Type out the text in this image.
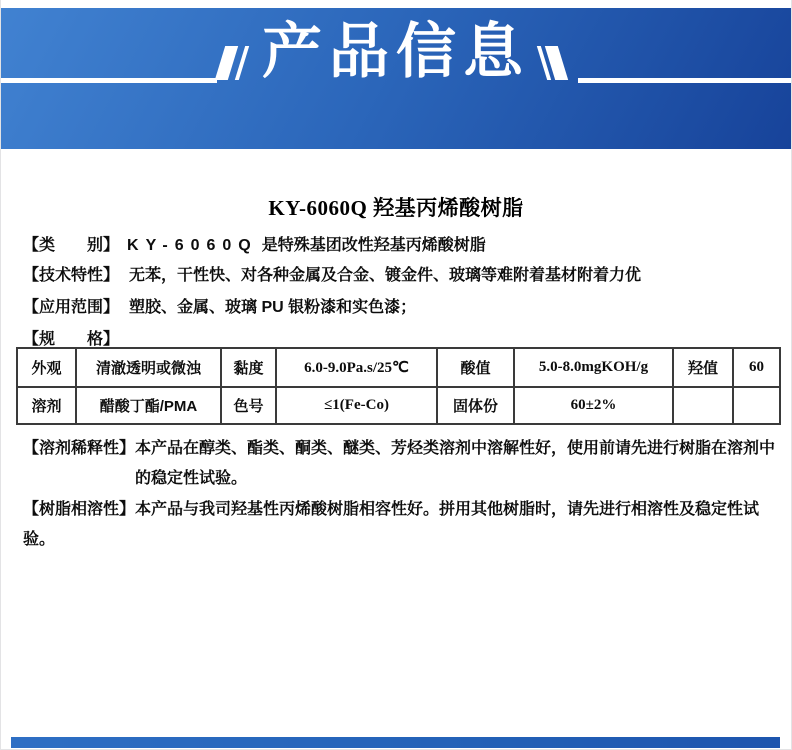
产品信息
KY-6060Q 羟基丙烯酸树脂
【类　　别】 KY-6060Q 是特殊基团改性羟基丙烯酸树脂
【技术特性】 无苯，干性快、对各种金属及合金、镀金件、玻璃等难附着基材附着力优
【应用范围】 塑胶、金属、玻璃 PU 银粉漆和实色漆；
【规　　格】
外观	清澈透明或微浊	黏度	6.0-9.0Pa.s/25℃	酸值	5.0-8.0mgKOH/g	羟值	60
溶剂	醋酸丁酯/PMA	色号	≤1(Fe-Co)	固体份	60±2%		
【溶剂稀释性】本产品在醇类、酯类、酮类、醚类、芳烃类溶剂中溶解性好，使用前请先进行树脂在溶剂中
的稳定性试验。
【树脂相溶性】本产品与我司羟基性丙烯酸树脂相容性好。拼用其他树脂时，请先进行相溶性及稳定性试验。
